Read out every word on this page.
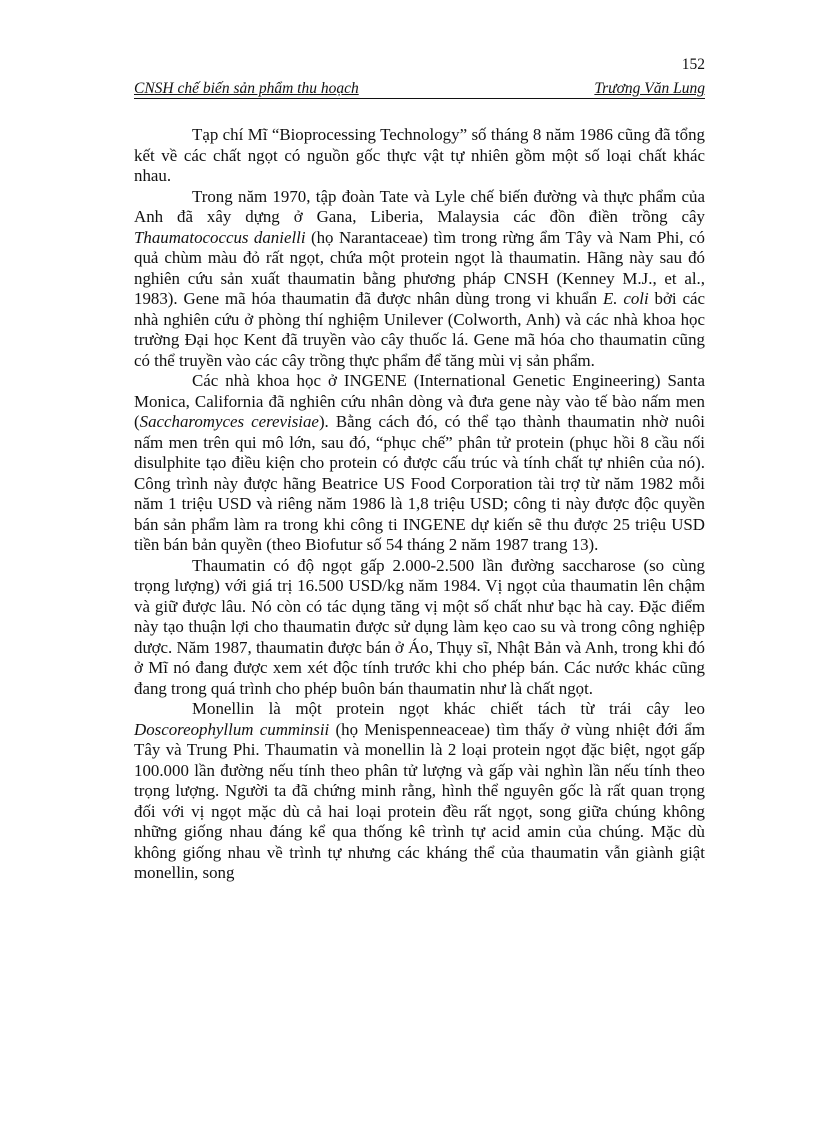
152
CNSH chế biến sản phẩm thu hoạch	Trương Văn Lung

Tạp chí Mĩ “Bioprocessing Technology” số tháng 8 năm 1986 cũng đã tổng kết về các chất ngọt có nguồn gốc thực vật tự nhiên gồm một số loại chất khác nhau.

Trong năm 1970, tập đoàn Tate và Lyle chế biến đường và thực phẩm của Anh đã xây dựng ở Gana, Liberia, Malaysia các đồn điền trồng cây Thaumatococcus danielli (họ Narantaceae) tìm trong rừng ẩm Tây và Nam Phi, có quả chùm màu đỏ rất ngọt, chứa một protein ngọt là thaumatin. Hãng này sau đó nghiên cứu sản xuất thaumatin bằng phương pháp CNSH (Kenney M.J., et al., 1983). Gene mã hóa thaumatin đã được nhân dùng trong vi khuẩn E. coli bởi các nhà nghiên cứu ở phòng thí nghiệm Unilever (Colworth, Anh) và các nhà khoa học trường Đại học Kent đã truyền vào cây thuốc lá. Gene mã hóa cho thaumatin cũng có thể truyền vào các cây trồng thực phẩm để tăng mùi vị sản phẩm.

Các nhà khoa học ở INGENE (International Genetic Engineering) Santa Monica, California đã nghiên cứu nhân dòng và đưa gene này vào tế bào nấm men (Saccharomyces cerevisiae). Bằng cách đó, có thể tạo thành thaumatin nhờ nuôi nấm men trên qui mô lớn, sau đó, “phục chế” phân tử protein (phục hồi 8 cầu nối disulphite tạo điều kiện cho protein có được cấu trúc và tính chất tự nhiên của nó). Công trình này được hãng Beatrice US Food Corporation tài trợ từ năm 1982 mỗi năm 1 triệu USD và riêng năm 1986 là 1,8 triệu USD; công ti này được độc quyền bán sản phẩm làm ra trong khi công ti INGENE dự kiến sẽ thu được 25 triệu USD tiền bán bản quyền (theo Biofutur số 54 tháng 2 năm 1987 trang 13).

Thaumatin có độ ngọt gấp 2.000-2.500 lần đường saccharose (so cùng trọng lượng) với giá trị 16.500 USD/kg năm 1984. Vị ngọt của thaumatin lên chậm và giữ được lâu. Nó còn có tác dụng tăng vị một số chất như bạc hà cay. Đặc điểm này tạo thuận lợi cho thaumatin được sử dụng làm kẹo cao su và trong công nghiệp dược. Năm 1987, thaumatin được bán ở Áo, Thụy sĩ, Nhật Bản và Anh, trong khi đó ở Mĩ nó đang được xem xét độc tính trước khi cho phép bán. Các nước khác cũng đang trong quá trình cho phép buôn bán thaumatin như là chất ngọt.

Monellin là một protein ngọt khác chiết tách từ trái cây leo Doscoreophyllum cumminsii (họ Menispenneaceae) tìm thấy ở vùng nhiệt đới ẩm Tây và Trung Phi. Thaumatin và monellin là 2 loại protein ngọt đặc biệt, ngọt gấp 100.000 lần đường nếu tính theo phân tử lượng và gấp vài nghìn lần nếu tính theo trọng lượng. Người ta đã chứng minh rằng, hình thể nguyên gốc là rất quan trọng đối với vị ngọt mặc dù cả hai loại protein đều rất ngọt, song giữa chúng không những giống nhau đáng kể qua thống kê trình tự acid amin của chúng. Mặc dù không giống nhau về trình tự nhưng các kháng thể của thaumatin vẫn giành giật monellin, song
